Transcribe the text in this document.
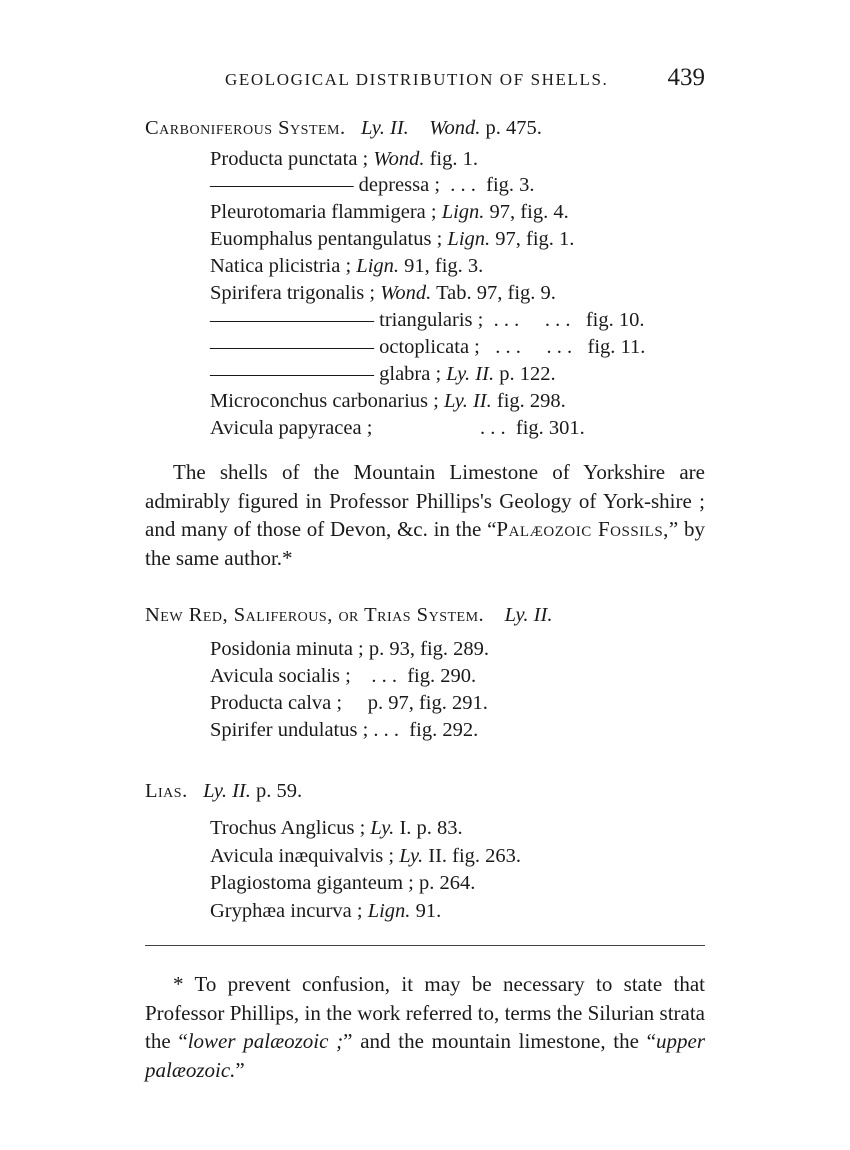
GEOLOGICAL DISTRIBUTION OF SHELLS. 439
Carboniferous System. Ly. II. Wond. p. 475.
Producta punctata ; Wond. fig. 1.
——————— depressa ; . . . fig. 3.
Pleurotomaria flammigera ; Lign. 97, fig. 4.
Euomphalus pentangulatus ; Lign. 97, fig. 1.
Natica plicistria ; Lign. 91, fig. 3.
Spirifera trigonalis ; Wond. Tab. 97, fig. 9.
———————— triangularis ; . . .     . . . fig. 10.
———————— octoplicata ; . . .     . . . fig. 11.
———————— glabra ; Ly. II. p. 122.
Microconchus carbonarius ; Ly. II. fig. 298.
Avicula papyracea ;	. . . fig. 301.
The shells of the Mountain Limestone of Yorkshire are admirably figured in Professor Phillips's Geology of York-shire ; and many of those of Devon, &c. in the “Palæozoic Fossils,” by the same author.*
New Red, Saliferous, or Trias System. Ly. II.
Posidonia minuta ; p. 93, fig. 289.
Avicula socialis ; . . .  fig. 290.
Producta calva ; p. 97, fig. 291.
Spirifer undulatus ; . . .  fig. 292.
Lias. Ly. II. p. 59.
Trochus Anglicus ; Ly. I. p. 83.
Avicula inæquivalvis ; Ly. II. fig. 263.
Plagiostoma giganteum ; p. 264.
Gryphæa incurva ; Lign. 91.
* To prevent confusion, it may be necessary to state that Professor Phillips, in the work referred to, terms the Silurian strata the “lower palæozoic ;” and the mountain limestone, the “upper palæozoic.”
